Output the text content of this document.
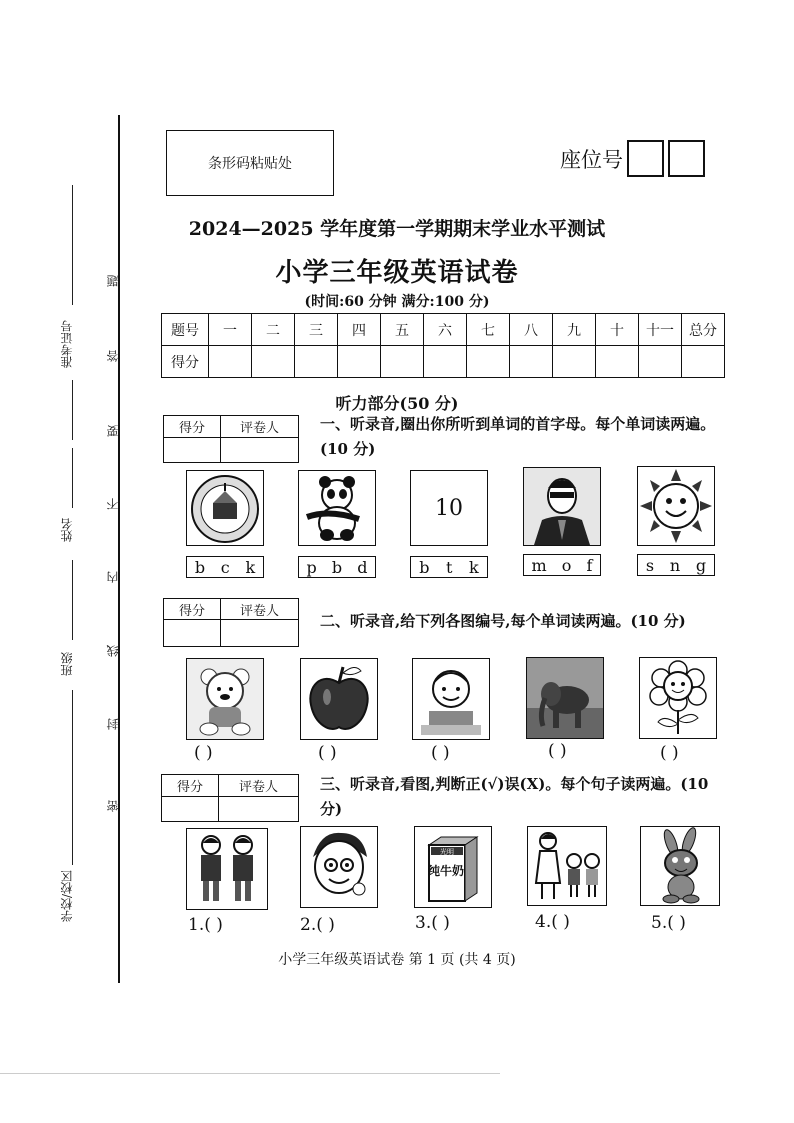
准考证号
姓名
班级
学校/校区
题
答
要
不
内
线
封
密
条形码粘贴处	座位号
2024—2025 学年度第一学期期末学业水平测试
小学三年级英语试卷
(时间:60 分钟 满分:100 分)
题号	一	二	三	四	五	六	七	八	九	十	十一	总分
得分												
听力部分(50 分)
得分	评卷人
		一、听录音,圈出你所听到单词的首字母。每个单词读两遍。(10 分)
10
b c k	p b d	b t k	m o f	s n g
得分	评卷人

二、听录音,给下列各图编号,每个单词读两遍。(10 分)
( )	( )	( )	( )	( )
得分	评卷人
		三、听录音,看图,判断正(√)误(X)。每个句子读两遍。(10 分)
光明
纯牛奶
1.( )	2.( )	3.( )	4.( )	5.( )
小学三年级英语试卷 第 1 页 (共 4 页)
